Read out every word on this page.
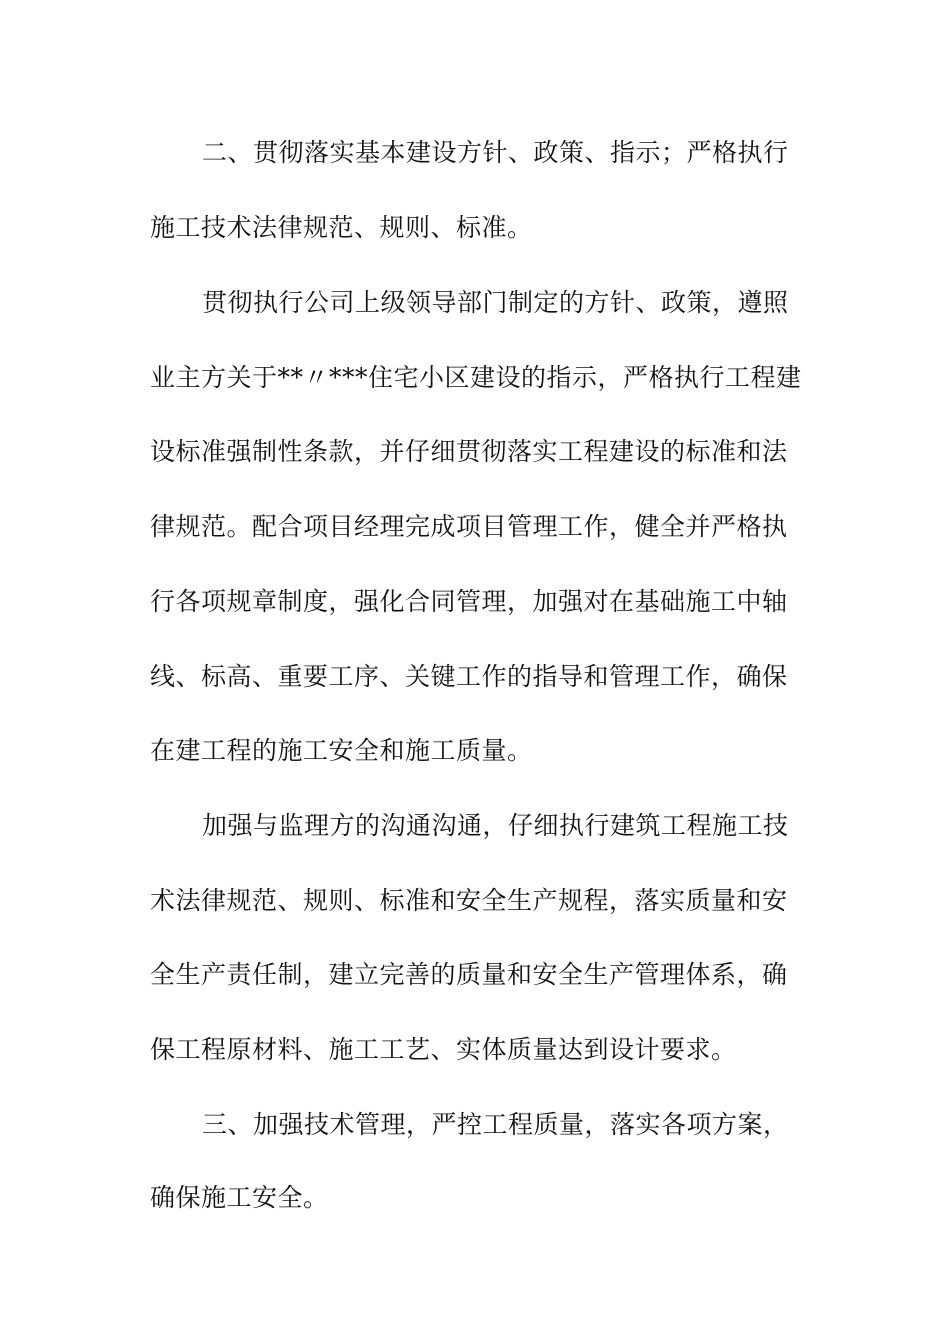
二、贯彻落实基本建设方针、政策、指示；严格执行
施工技术法律规范、规则、标准。
贯彻执行公司上级领导部门制定的方针、政策，遵照
业主方关于**〃***住宅小区建设的指示，严格执行工程建
设标准强制性条款，并仔细贯彻落实工程建设的标准和法
律规范。配合项目经理完成项目管理工作，健全并严格执
行各项规章制度，强化合同管理，加强对在基础施工中轴
线、标高、重要工序、关键工作的指导和管理工作，确保
在建工程的施工安全和施工质量。
加强与监理方的沟通沟通，仔细执行建筑工程施工技
术法律规范、规则、标准和安全生产规程，落实质量和安
全生产责任制，建立完善的质量和安全生产管理体系，确
保工程原材料、施工工艺、实体质量达到设计要求。
三、加强技术管理，严控工程质量，落实各项方案，
确保施工安全。
